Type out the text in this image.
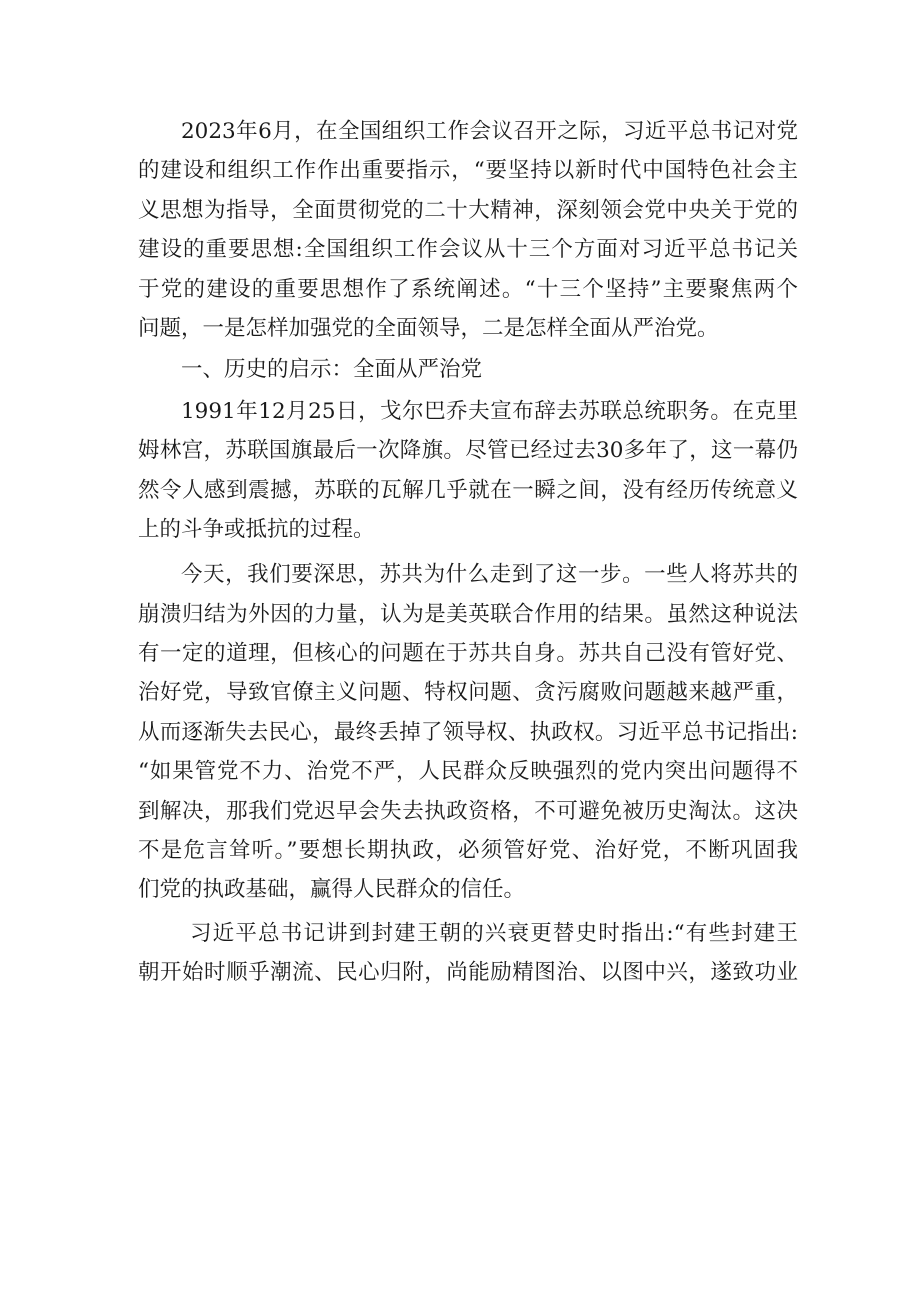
2023年6月，在全国组织工作会议召开之际，习近平总书记对党
的建设和组织工作作出重要指示，“要坚持以新时代中国特色社会主
义思想为指导，全面贯彻党的二十大精神，深刻领会党中央关于党的
建设的重要思想:全国组织工作会议从十三个方面对习近平总书记关
于党的建设的重要思想作了系统阐述。“十三个坚持”主要聚焦两个
问题，一是怎样加强党的全面领导，二是怎样全面从严治党。
一、历史的启示：全面从严治党
1991年12月25日，戈尔巴乔夫宣布辞去苏联总统职务。在克里
姆林宫，苏联国旗最后一次降旗。尽管已经过去30多年了，这一幕仍
然令人感到震撼，苏联的瓦解几乎就在一瞬之间，没有经历传统意义
上的斗争或抵抗的过程。
今天，我们要深思，苏共为什么走到了这一步。一些人将苏共的
崩溃归结为外因的力量，认为是美英联合作用的结果。虽然这种说法
有一定的道理，但核心的问题在于苏共自身。苏共自己没有管好党、
治好党，导致官僚主义问题、特权问题、贪污腐败问题越来越严重，
从而逐渐失去民心，最终丢掉了领导权、执政权。习近平总书记指出:
“如果管党不力、治党不严，人民群众反映强烈的党内突出问题得不
到解决，那我们党迟早会失去执政资格，不可避免被历史淘汰。这决
不是危言耸听。”要想长期执政，必须管好党、治好党，不断巩固我
们党的执政基础，赢得人民群众的信任。
习近平总书记讲到封建王朝的兴衰更替史时指出:“有些封建王
朝开始时顺乎潮流、民心归附，尚能励精图治、以图中兴，遂致功业
